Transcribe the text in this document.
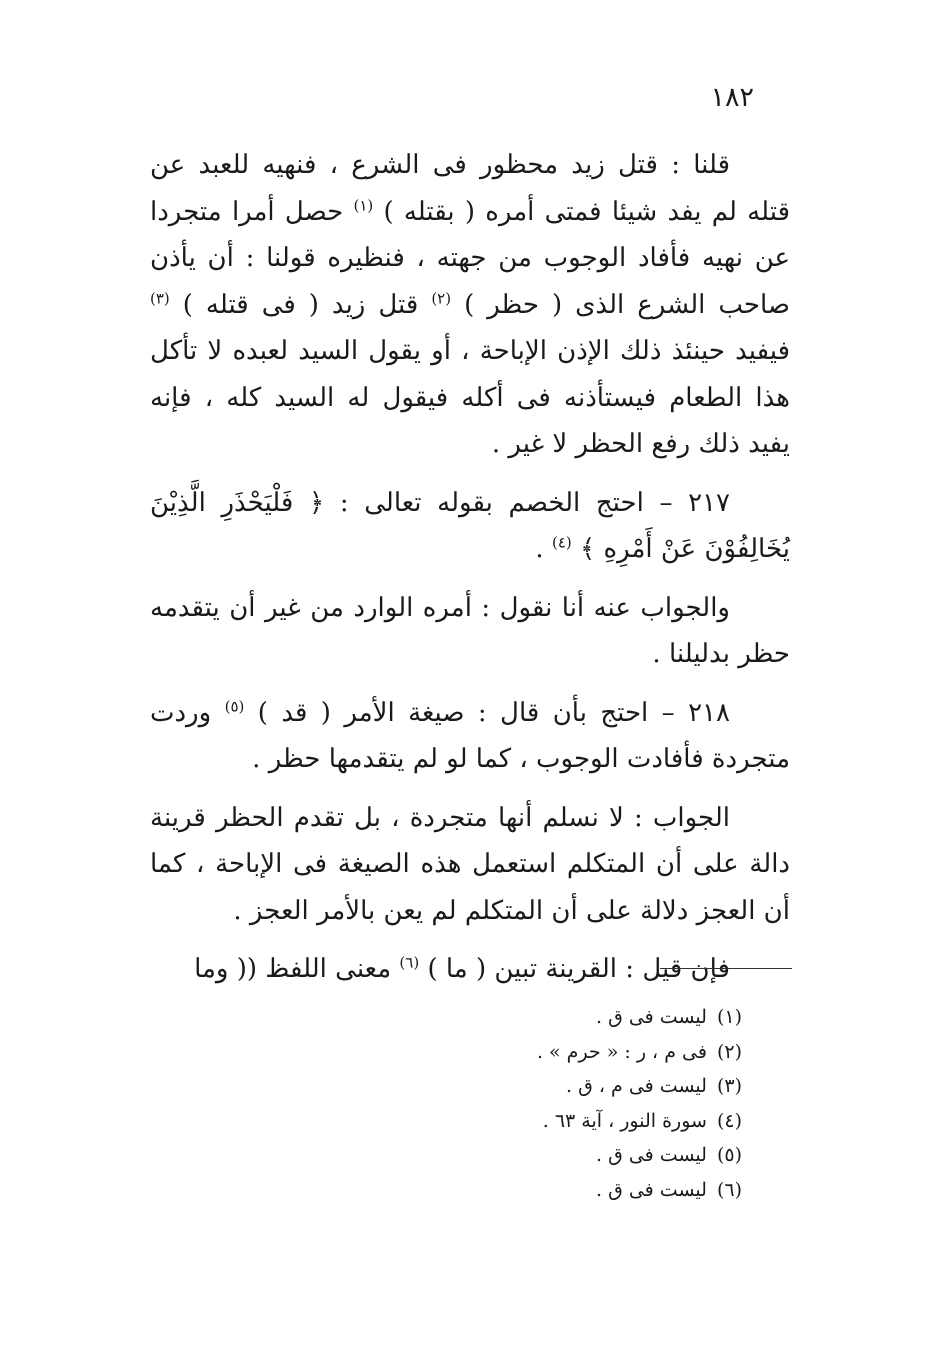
١٨٢

قلنا : قتل زيد محظور فى الشرع ، فنهيه للعبد عن قتله لم يفد شيئا فمتى أمره ( بقتله ) $^{(١)}$ حصل أمرا متجردا عن نهيه فأفاد الوجوب من جهته ، فنظيره قولنا : أن يأذن صاحب الشرع الذى ( حظر ) $^{(٢)}$ قتل زيد ( فى قتله ) $^{(٣)}$ فيفيد حينئذ ذلك الإذن الإباحة ، أو يقول السيد لعبده لا تأكل هذا الطعام فيستأذنه فى أكله فيقول له السيد كله ، فإنه يفيد ذلك رفع الحظر لا غير .

٢١٧ – احتج الخصم بقوله تعالى : ﴿ فَلْيَحْذَرِ الَّذِيْنَ يُخَالِفُوْنَ عَنْ أَمْرِهِ ﴾ $^{(٤)}$ .

والجواب عنه أنا نقول : أمره الوارد من غير أن يتقدمه حظر بدليلنا .

٢١٨ – احتج بأن قال : صيغة الأمر ( قد ) $^{(٥)}$ وردت متجردة فأفادت الوجوب ، كما لو لم يتقدمها حظر .

الجواب : لا نسلم أنها متجردة ، بل تقدم الحظر قرينة دالة على أن المتكلم استعمل هذه الصيغة فى الإباحة ، كما أن العجز دلالة على أن المتكلم لم يعن بالأمر العجز .

فإن قيل : القرينة تبين ( ما ) $^{(٦)}$ معنى اللفظ (( وما

(١)ليست فى ق .
(٢)فى م ، ر : « حرم » .
(٣)ليست فى م ، ق .
(٤)سورة النور ، آية ٦٣ .
(٥)ليست فى ق .
(٦)ليست فى ق .
